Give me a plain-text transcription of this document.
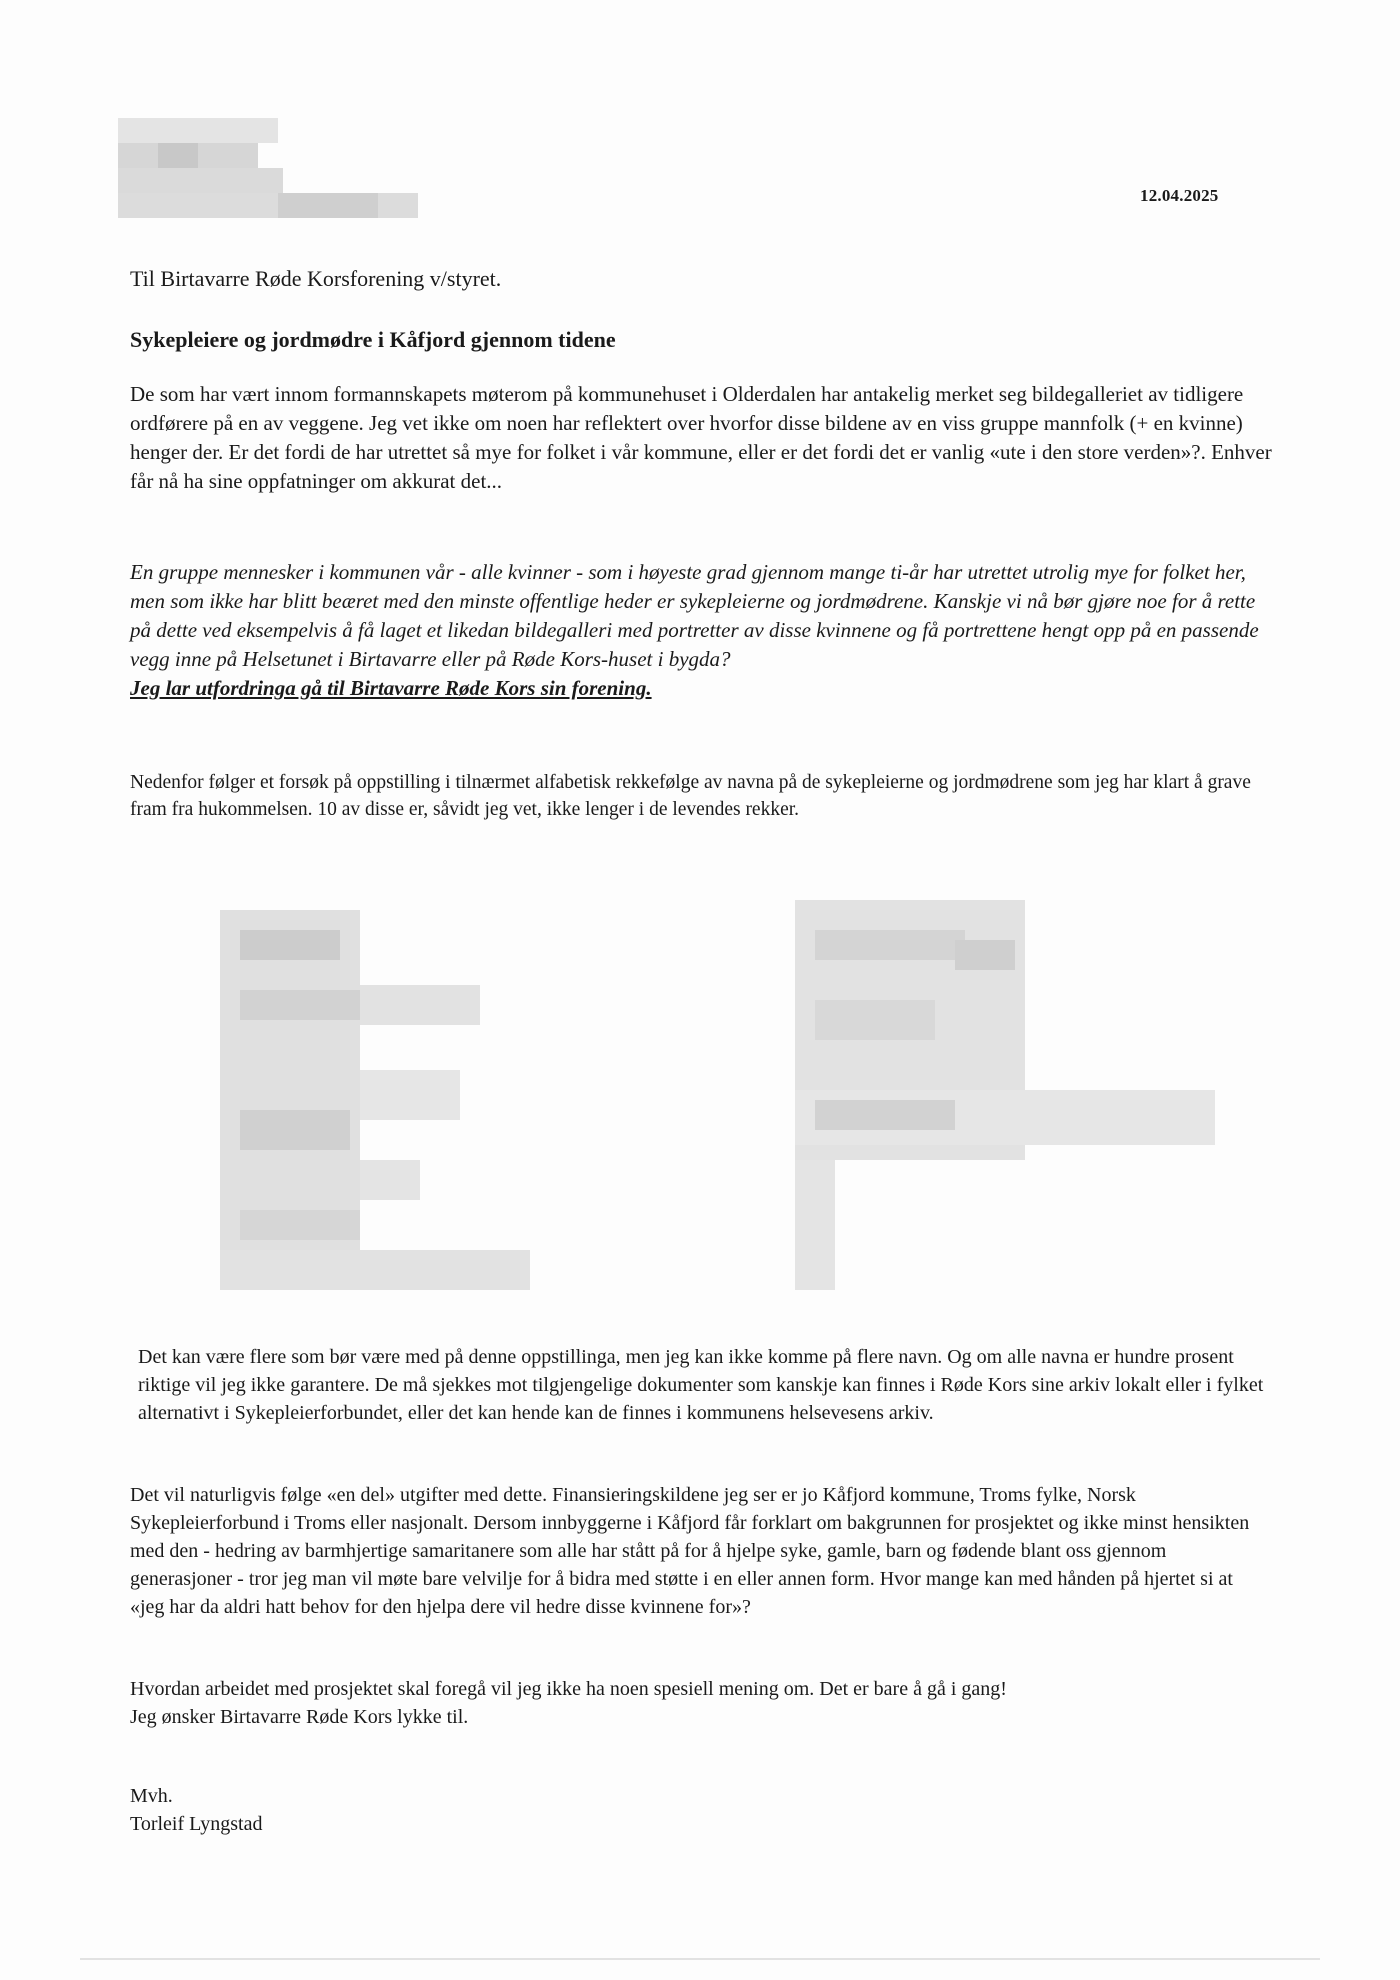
12.04.2025
Til Birtavarre Røde Korsforening v/styret.
Sykepleiere og jordmødre i Kåfjord gjennom tidene
De som har vært innom formannskapets møterom på kommunehuset i Olderdalen har antakelig merket seg bildegalleriet av tidligere ordførere på en av veggene. Jeg vet ikke om noen har reflektert over hvorfor disse bildene av en viss gruppe mannfolk (+ en kvinne) henger der. Er det fordi de har utrettet så mye for folket i vår kommune, eller er det fordi det er vanlig «ute i den store verden»?. Enhver får nå ha sine oppfatninger om akkurat det...
En gruppe mennesker i kommunen vår - alle kvinner - som i høyeste grad gjennom mange ti-år har utrettet utrolig mye for folket her, men som ikke har blitt beæret med den minste offentlige heder er sykepleierne og jordmødrene. Kanskje vi nå bør gjøre noe for å rette på dette ved eksempelvis å få laget et likedan bildegalleri med portretter av disse kvinnene og få portrettene hengt opp på en passende vegg inne på Helsetunet i Birtavarre eller på Røde Kors-huset i bygda?
Jeg lar utfordringa gå til Birtavarre Røde Kors sin forening.
Nedenfor følger et forsøk på oppstilling i tilnærmet alfabetisk rekkefølge av navna på de sykepleierne og jordmødrene som jeg har klart å grave fram fra hukommelsen. 10 av disse er, såvidt jeg vet, ikke lenger i de levendes rekker.
Det kan være flere som bør være med på denne oppstillinga, men jeg kan ikke komme på flere navn. Og om alle navna er hundre prosent riktige vil jeg ikke garantere. De må sjekkes mot tilgjengelige dokumenter som kanskje kan finnes i Røde Kors sine arkiv lokalt eller i fylket alternativt i Sykepleierforbundet, eller det kan hende kan de finnes i kommunens helsevesens arkiv.
Det vil naturligvis følge «en del» utgifter med dette. Finansieringskildene jeg ser er jo Kåfjord kommune, Troms fylke, Norsk Sykepleierforbund i Troms eller nasjonalt. Dersom innbyggerne i Kåfjord får forklart om bakgrunnen for prosjektet og ikke minst hensikten med den - hedring av barmhjertige samaritanere som alle har stått på for å hjelpe syke, gamle, barn og fødende blant oss gjennom generasjoner - tror jeg man vil møte bare velvilje for å bidra med støtte i en eller annen form. Hvor mange kan med hånden på hjertet si at «jeg har da aldri hatt behov for den hjelpa dere vil hedre disse kvinnene for»?
Hvordan arbeidet med prosjektet skal foregå vil jeg ikke ha noen spesiell mening om. Det er bare å gå i gang!
Jeg ønsker Birtavarre Røde Kors lykke til.
Mvh.
Torleif Lyngstad
